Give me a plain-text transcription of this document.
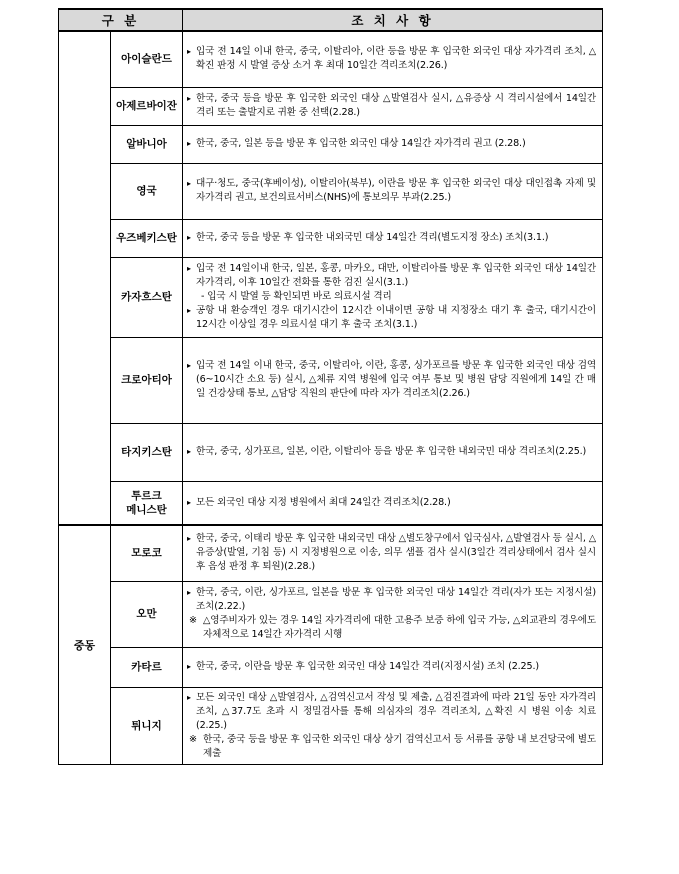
구 분		조 치 사 항
	아이슬란드	▸ 입국 전 14일 이내 한국, 중국, 이탈리아, 이란 등을 방문 후 입국한 외국인 대상 자가격리 조치, △확진 판정 시 발열 증상 소거 후 최대 10일간 격리조치(2.26.)

	아제르바이잔	▸ 한국, 중국 등을 방문 후 입국한 외국인 대상 △발열검사 실시, △유증상 시 격리시설에서 14일간 격리 또는 출발지로 귀환 중 선택(2.28.)

	알바니아	▸ 한국, 중국, 일본 등을 방문 후 입국한 외국인 대상 14일간 자가격리 권고 (2.28.)

	영국	▸ 대구·청도, 중국(후베이성), 이탈리아(북부), 이란을 방문 후 입국한 외국인 대상 대인접촉 자제 및 자가격리 권고, 보건의료서비스(NHS)에 통보의무 부과(2.25.)

	우즈베키스탄	▸ 한국, 중국 등을 방문 후 입국한 내외국민 대상 14일간 격리(별도지정 장소) 조치(3.1.)

	카자흐스탄	▸ 입국 전 14일이내 한국, 일본, 홍콩, 마카오, 대만, 이탈리아를 방문 후 입국한 외국인 대상 14일간 자가격리, 이후 10일간 전화를 통한 검진 실시(3.1.)
- 입국 시 발열 등 확인되면 바로 의료시설 격리
▸ 공항 내 환승객인 경우 대기시간이 12시간 이내이면 공항 내 지정장소 대기 후 출국, 대기시간이 12시간 이상일 경우 의료시설 대기 후 출국 조치(3.1.)

	크로아티아	▸ 입국 전 14일 이내 한국, 중국, 이탈리아, 이란, 홍콩, 싱가포르를 방문 후 입국한 외국인 대상 검역(6~10시간 소요 등) 실시, △체류 지역 병원에 입국 여부 통보 및 병원 담당 직원에게 14일 간 매일 건강상태 통보, △담당 직원의 판단에 따라 자가 격리조치(2.26.)

	타지키스탄	▸ 한국, 중국, 싱가포르, 일본, 이란, 이탈리아 등을 방문 후 입국한 내외국민 대상 격리조치(2.25.)

	투르크
메니스탄	▸ 모든 외국인 대상 지정 병원에서 최대 24일간 격리조치(2.28.)

중동	모로코	▸ 한국, 중국, 이태리 방문 후 입국한 내외국민 대상 △별도창구에서 입국심사, △발열검사 등 실시, △유증상(발열, 기침 등) 시 지정병원으로 이송, 의무 샘플 검사 실시(3일간 격리상태에서 검사 실시 후 음성 판정 후 퇴원)(2.28.)

	오만	▸ 한국, 중국, 이란, 싱가포르, 일본을 방문 후 입국한 외국인 대상 14일간 격리(자가 또는 지정시설) 조치(2.22.)
※ △영주비자가 있는 경우 14일 자가격리에 대한 고용주 보증 하에 입국 가능, △외교관의 경우에도 자체적으로 14일간 자가격리 시행

	카타르	▸ 한국, 중국, 이란을 방문 후 입국한 외국인 대상 14일간 격리(지정시설) 조치 (2.25.)

	튀니지	▸ 모든 외국인 대상 △발열검사, △검역신고서 작성 및 제출, △검진결과에 따라 21일 동안 자가격리 조치, △37.7도 초과 시 정밀검사를 통해 의심자의 경우 격리조치, △확진 시 병원 이송 치료(2.25.)
※ 한국, 중국 등을 방문 후 입국한 외국인 대상 상기 검역신고서 등 서류를 공항 내 보건당국에 별도 제출
